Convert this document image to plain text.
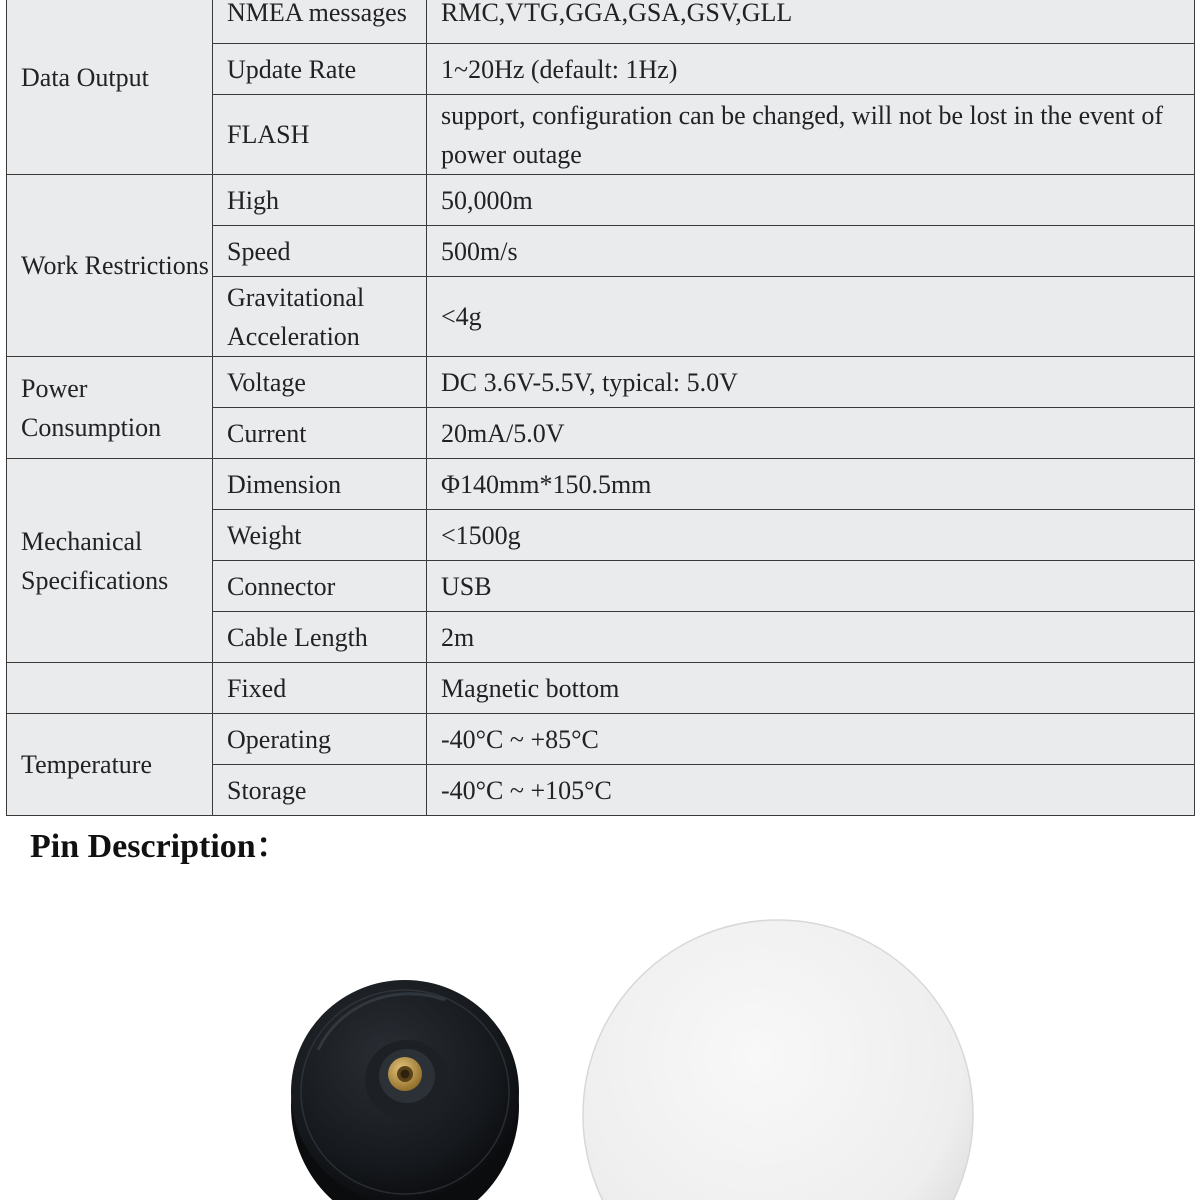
Data Output	NMEA messages	RMC,VTG,GGA,GSA,GSV,GLL
	Update Rate	1~20Hz (default: 1Hz)
	FLASH	support, configuration can be changed, will not be lost in the event of power outage
Work Restrictions	High	50,000m
	Speed	500m/s
	Gravitational Acceleration	<4g
Power Consumption	Voltage	DC 3.6V-5.5V, typical: 5.0V
	Current	20mA/5.0V
Mechanical Specifications	Dimension	Φ140mm*150.5mm
	Weight	<1500g
	Connector	USB
	Cable Length	2m
	Fixed	Magnetic bottom
Temperature	Operating	-40°C ~ +85°C
	Storage	-40°C ~ +105°C
Pin Description：
